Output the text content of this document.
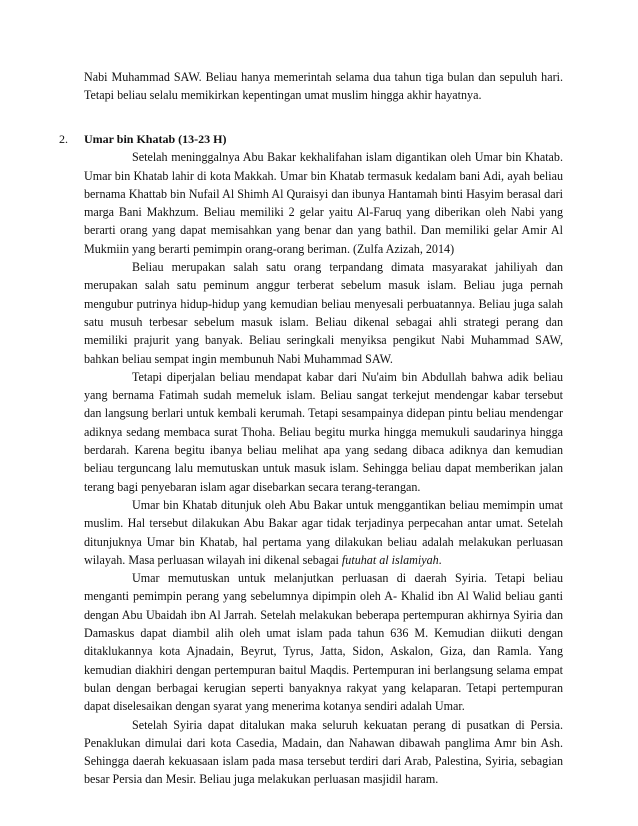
Nabi Muhammad SAW. Beliau hanya memerintah selama dua tahun tiga bulan dan sepuluh hari. Tetapi beliau selalu memikirkan kepentingan umat muslim hingga akhir hayatnya.

2. Umar bin Khatab (13-23 H)

Setelah meninggalnya Abu Bakar kekhalifahan islam digantikan oleh Umar bin Khatab. Umar bin Khatab lahir di kota Makkah. Umar bin Khatab termasuk kedalam bani Adi, ayah beliau bernama Khattab bin Nufail Al Shimh Al Quraisyi dan ibunya Hantamah binti Hasyim berasal dari marga Bani Makhzum. Beliau memiliki 2 gelar yaitu Al-Faruq yang diberikan oleh Nabi yang berarti orang yang dapat memisahkan yang benar dan yang bathil. Dan memiliki gelar Amir Al Mukmiin yang berarti pemimpin orang-orang beriman. (Zulfa Azizah, 2014)

Beliau merupakan salah satu orang terpandang dimata masyarakat jahiliyah dan merupakan salah satu peminum anggur terberat sebelum masuk islam. Beliau juga pernah mengubur putrinya hidup-hidup yang kemudian beliau menyesali perbuatannya. Beliau juga salah satu musuh terbesar sebelum masuk islam. Beliau dikenal sebagai ahli strategi perang dan memiliki prajurit yang banyak. Beliau seringkali menyiksa pengikut Nabi Muhammad SAW, bahkan beliau sempat ingin membunuh Nabi Muhammad SAW.

Tetapi diperjalan beliau mendapat kabar dari Nu'aim bin Abdullah bahwa adik beliau yang bernama Fatimah sudah memeluk islam. Beliau sangat terkejut mendengar kabar tersebut dan langsung berlari untuk kembali kerumah. Tetapi sesampainya didepan pintu beliau mendengar adiknya sedang membaca surat Thoha. Beliau begitu murka hingga memukuli saudarinya hingga berdarah. Karena begitu ibanya beliau melihat apa yang sedang dibaca adiknya dan kemudian beliau terguncang lalu memutuskan untuk masuk islam. Sehingga beliau dapat memberikan jalan terang bagi penyebaran islam agar disebarkan secara terang-terangan.

Umar bin Khatab ditunjuk oleh Abu Bakar untuk menggantikan beliau memimpin umat muslim. Hal tersebut dilakukan Abu Bakar agar tidak terjadinya perpecahan antar umat. Setelah ditunjuknya Umar bin Khatab, hal pertama yang dilakukan beliau adalah melakukan perluasan wilayah. Masa perluasan wilayah ini dikenal sebagai futuhat al islamiyah.

Umar memutuskan untuk melanjutkan perluasan di daerah Syiria. Tetapi beliau menganti pemimpin perang yang sebelumnya dipimpin oleh A- Khalid ibn Al Walid beliau ganti dengan Abu Ubaidah ibn Al Jarrah. Setelah melakukan beberapa pertempuran akhirnya Syiria dan Damaskus dapat diambil alih oleh umat islam pada tahun 636 M. Kemudian diikuti dengan ditaklukannya kota Ajnadain, Beyrut, Tyrus, Jatta, Sidon, Askalon, Giza, dan Ramla. Yang kemudian diakhiri dengan pertempuran baitul Maqdis. Pertempuran ini berlangsung selama empat bulan dengan berbagai kerugian seperti banyaknya rakyat yang kelaparan. Tetapi pertempuran dapat diselesaikan dengan syarat yang menerima kotanya sendiri adalah Umar.

Setelah Syiria dapat ditalukan maka seluruh kekuatan perang di pusatkan di Persia. Penaklukan dimulai dari kota Casedia, Madain, dan Nahawan dibawah panglima Amr bin Ash. Sehingga daerah kekuasaan islam pada masa tersebut terdiri dari Arab, Palestina, Syiria, sebagian besar Persia dan Mesir. Beliau juga melakukan perluasan masjidil haram.
